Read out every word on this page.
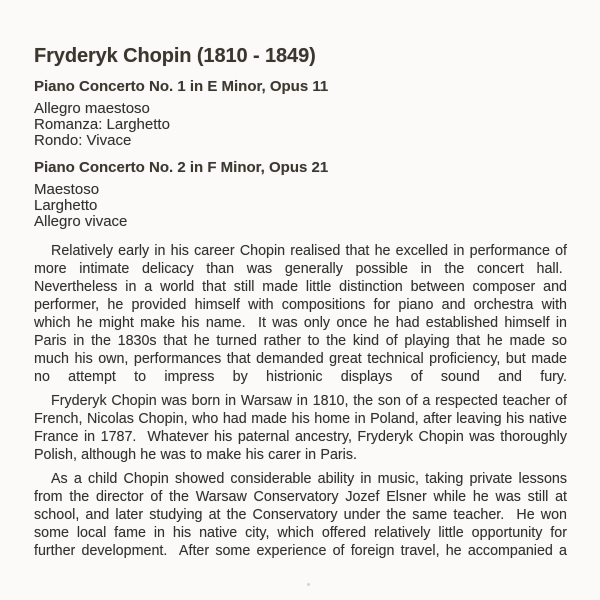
Fryderyk Chopin (1810 - 1849)
Piano Concerto No. 1 in E Minor, Opus 11
Allegro maestoso
Romanza: Larghetto
Rondo: Vivace
Piano Concerto No. 2 in F Minor, Opus 21
Maestoso
Larghetto
Allegro vivace

Relatively early in his career Chopin realised that he excelled in performance of more intimate delicacy than was generally possible in the concert hall.  Nevertheless in a world that still made little distinction between composer and performer, he provided himself with compositions for piano and orchestra with which he might make his name.  It was only once he had established himself in Paris in the 1830s that he turned rather to the kind of playing that he made so much his own, performances that demanded great technical proficiency, but made no attempt to impress by histrionic displays of sound and fury.

Fryderyk Chopin was born in Warsaw in 1810, the son of a respected teacher of French, Nicolas Chopin, who had made his home in Poland, after leaving his native France in 1787.  Whatever his paternal ancestry, Fryderyk Chopin was thoroughly Polish, although he was to make his carer in Paris.

As a child Chopin showed considerable ability in music, taking private lessons from the director of the Warsaw Conservatory Jozef Elsner while he was still at school, and later studying at the Conservatory under the same teacher.  He won some local fame in his native city, which offered relatively little opportunity for further development.  After some experience of foreign travel, he accompanied a
